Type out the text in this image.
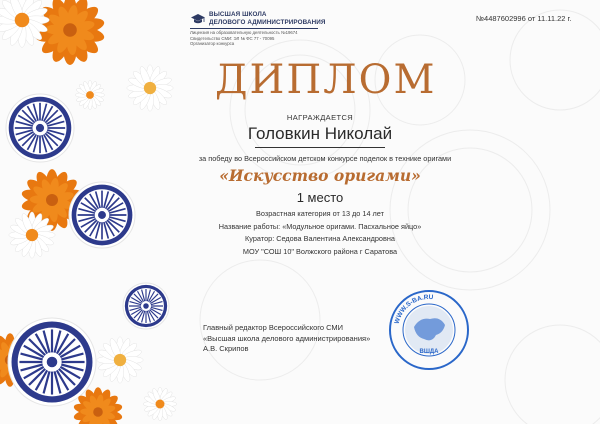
ВЫСШАЯ ШКОЛА
ДЕЛОВОГО АДМИНИСТРИРОВАНИЯ
Лицензия на образовательную деятельность №19674
Свидетельство СМИ: ЭЛ № ФС 77 - 70095
Организатор конкурса
№4487602996 от 11.11.22 г.
ДИПЛОМ
НАГРАЖДАЕТСЯ
Головкин Николай
за победу во Всероссийском детском конкурсе поделок в технике оригами
«Искусство оригами»
1 место
Возрастная категория от 13 до 14 лет
Название работы: «Модульное оригами. Пасхальное яйцо»
Куратор: Седова Валентина Александровна
МОУ "СОШ 10" Волжского района г Саратова
Главный редактор Всероссийского СМИ
«Высшая школа делового администрирования»
А.В. Скрипов
WWW.S-BA.RU
ВШДА
